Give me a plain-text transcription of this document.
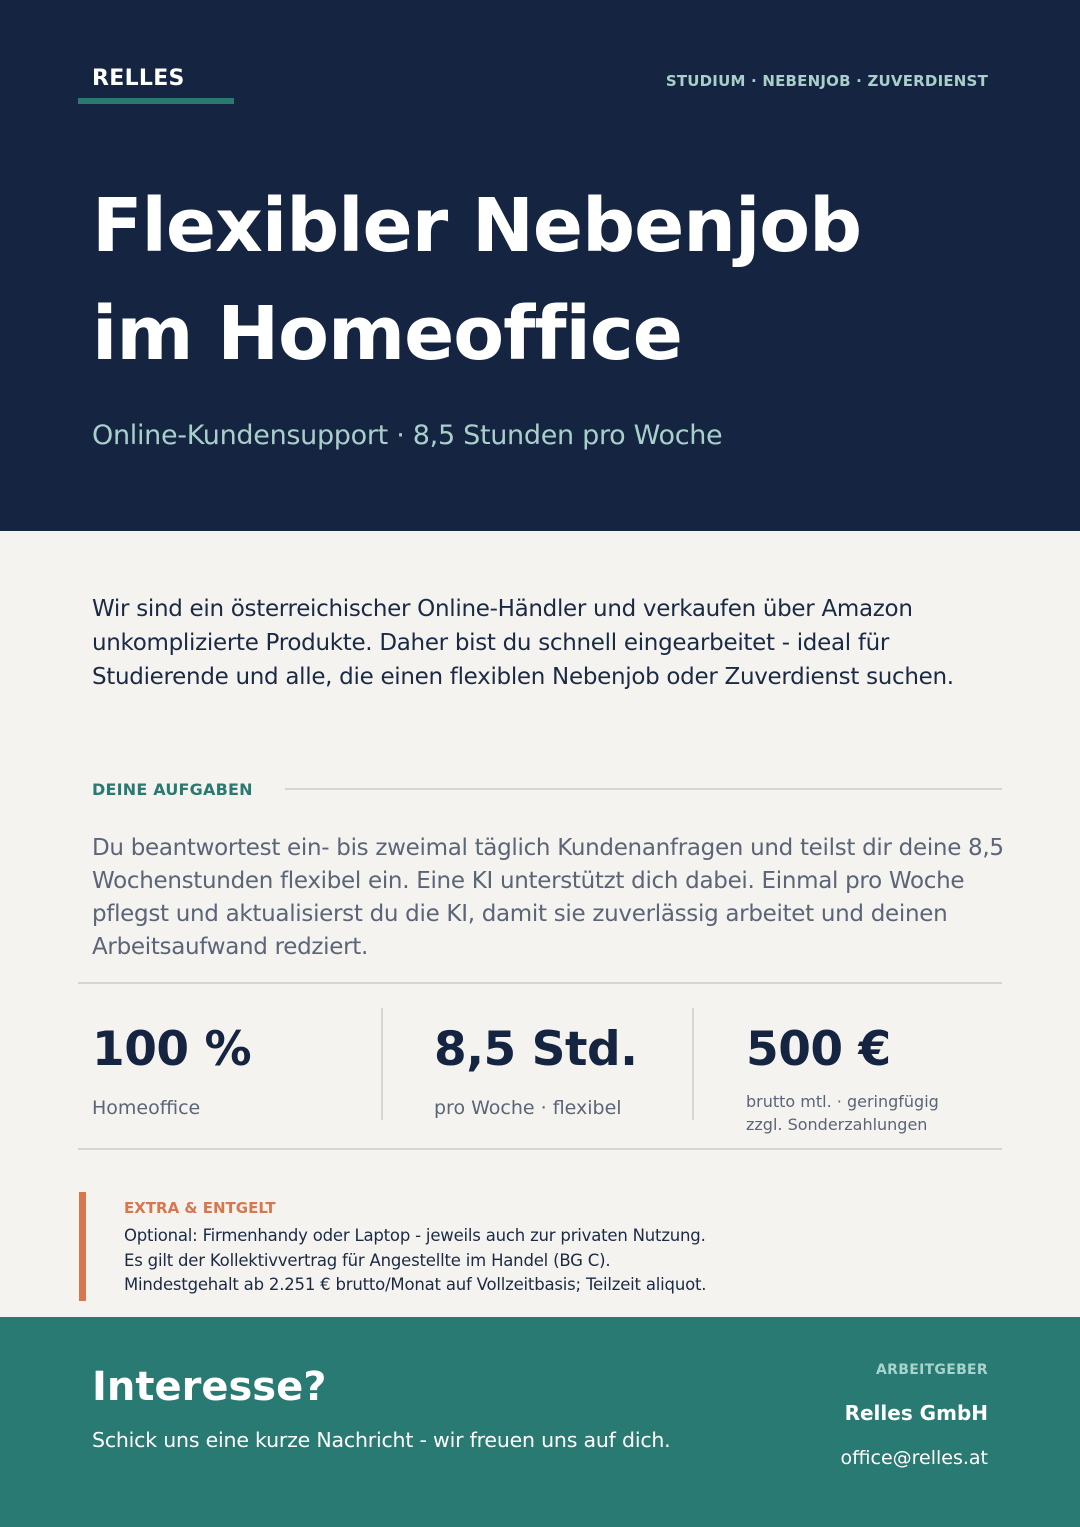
RELLES	STUDIUM · NEBENJOB · ZUVERDIENST
Flexibler Nebenjob
im Homeoffice
Online-Kundensupport · 8,5 Stunden pro Woche

Wir sind ein österreichischer Online-Händler und verkaufen über Amazon unkomplizierte Produkte. Daher bist du schnell eingearbeitet - ideal für Studierende und alle, die einen flexiblen Nebenjob oder Zuverdienst suchen.

DEINE AUFGABEN

Du beantwortest ein- bis zweimal täglich Kundenanfragen und teilst dir deine 8,5 Wochenstunden flexibel ein. Eine KI unterstützt dich dabei. Einmal pro Woche pflegst und aktualisierst du die KI, damit sie zuverlässig arbeitet und deinen Arbeitsaufwand redziert.

100 %
Homeoffice
8,5 Std.
pro Woche · flexibel
500 €
brutto mtl. · geringfügig
zzgl. Sonderzahlungen
EXTRA & ENTGELT
Optional: Firmenhandy oder Laptop - jeweils auch zur privaten Nutzung.
Es gilt der Kollektivvertrag für Angestellte im Handel (BG C).
Mindestgehalt ab 2.251 € brutto/Monat auf Vollzeitbasis; Teilzeit aliquot.
Interesse?
Schick uns eine kurze Nachricht - wir freuen uns auf dich.
ARBEITGEBER
Relles GmbH
office@relles.at
